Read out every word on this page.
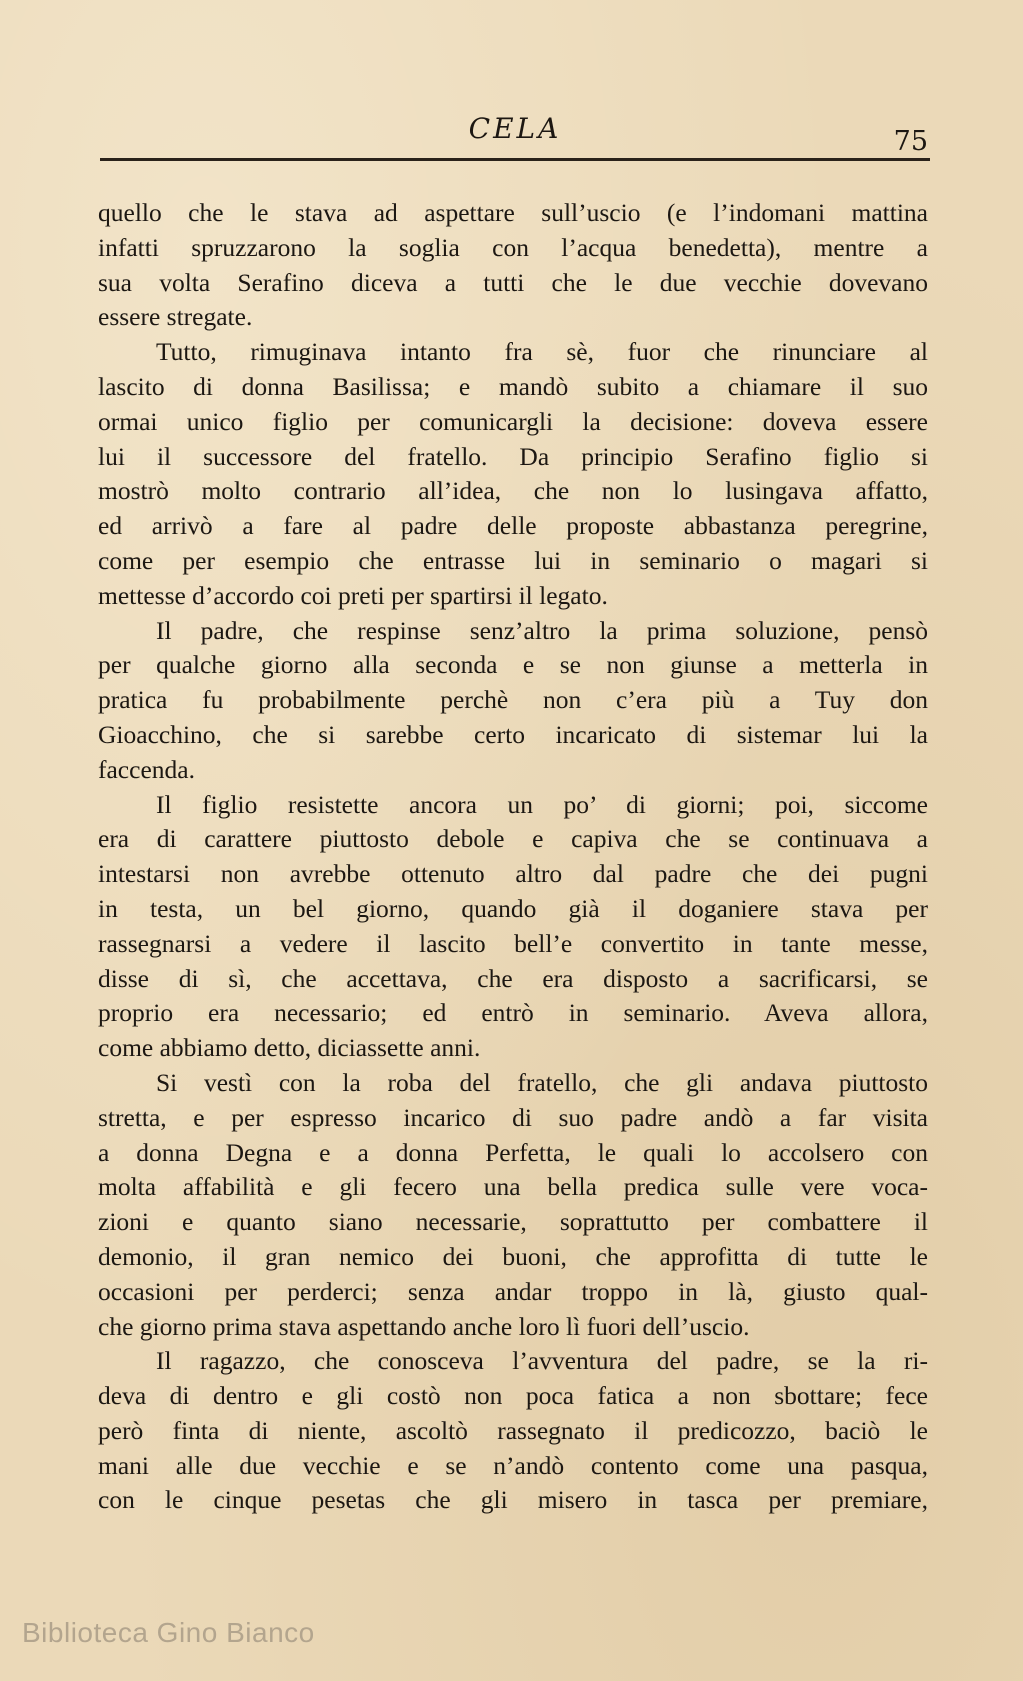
CELA	75
quello che le stava ad aspettare sull’uscio (e l’indomani mattina
infatti spruzzarono la soglia con l’acqua benedetta), mentre a
sua volta Serafino diceva a tutti che le due vecchie dovevano
essere stregate.
Tutto, rimuginava intanto fra sè, fuor che rinunciare al
lascito di donna Basilissa; e mandò subito a chiamare il suo
ormai unico figlio per comunicargli la decisione: doveva essere
lui il successore del fratello. Da principio Serafino figlio si
mostrò molto contrario all’idea, che non lo lusingava affatto,
ed arrivò a fare al padre delle proposte abbastanza peregrine,
come per esempio che entrasse lui in seminario o magari si
mettesse d’accordo coi preti per spartirsi il legato.
Il padre, che respinse senz’altro la prima soluzione, pensò
per qualche giorno alla seconda e se non giunse a metterla in
pratica fu probabilmente perchè non c’era più a Tuy don
Gioacchino, che si sarebbe certo incaricato di sistemar lui la
faccenda.
Il figlio resistette ancora un po’ di giorni; poi, siccome
era di carattere piuttosto debole e capiva che se continuava a
intestarsi non avrebbe ottenuto altro dal padre che dei pugni
in testa, un bel giorno, quando già il doganiere stava per
rassegnarsi a vedere il lascito bell’e convertito in tante messe,
disse di sì, che accettava, che era disposto a sacrificarsi, se
proprio era necessario; ed entrò in seminario. Aveva allora,
come abbiamo detto, diciassette anni.
Si vestì con la roba del fratello, che gli andava piuttosto
stretta, e per espresso incarico di suo padre andò a far visita
a donna Degna e a donna Perfetta, le quali lo accolsero con
molta affabilità e gli fecero una bella predica sulle vere voca-
zioni e quanto siano necessarie, soprattutto per combattere il
demonio, il gran nemico dei buoni, che approfitta di tutte le
occasioni per perderci; senza andar troppo in là, giusto qual-
che giorno prima stava aspettando anche loro lì fuori dell’uscio.
Il ragazzo, che conosceva l’avventura del padre, se la ri-
deva di dentro e gli costò non poca fatica a non sbottare; fece
però finta di niente, ascoltò rassegnato il predicozzo, baciò le
mani alle due vecchie e se n’andò contento come una pasqua,
con le cinque pesetas che gli misero in tasca per premiare,
Biblioteca Gino Bianco
